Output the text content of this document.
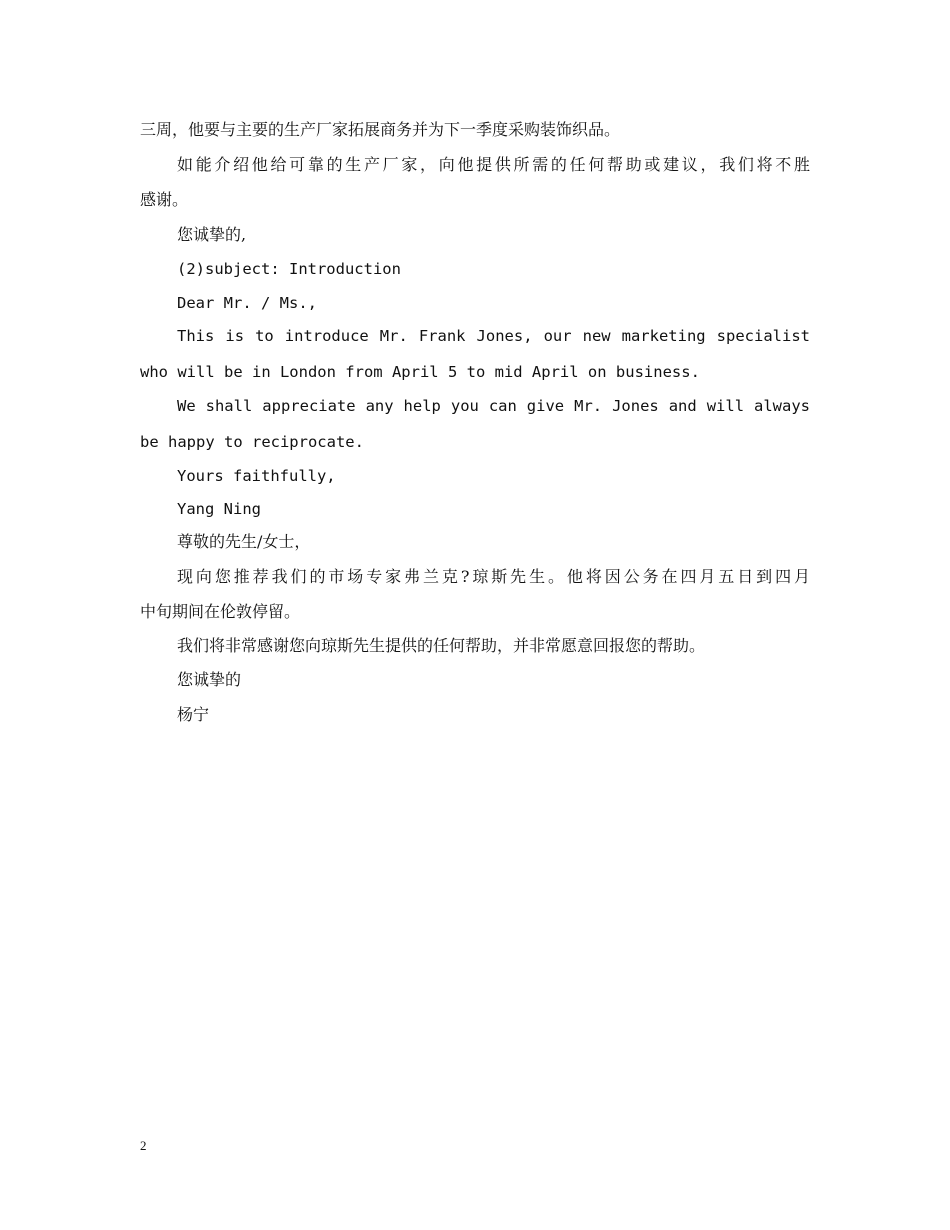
三周，他要与主要的生产厂家拓展商务并为下一季度采购装饰织品。
如能介绍他给可靠的生产厂家，向他提供所需的任何帮助或建议，我们将不胜
感谢。
您诚挚的,
(2)subject: Introduction
Dear Mr. / Ms.,
This is to introduce Mr. Frank Jones, our new marketing specialist
who will be in London from April 5 to mid April on business.
We shall appreciate any help you can give Mr. Jones and will always
be happy to reciprocate.
Yours faithfully,
Yang Ning
尊敬的先生/女士，
现向您推荐我们的市场专家弗兰克?琼斯先生。他将因公务在四月五日到四月
中旬期间在伦敦停留。
我们将非常感谢您向琼斯先生提供的任何帮助，并非常愿意回报您的帮助。
您诚挚的
杨宁
2
